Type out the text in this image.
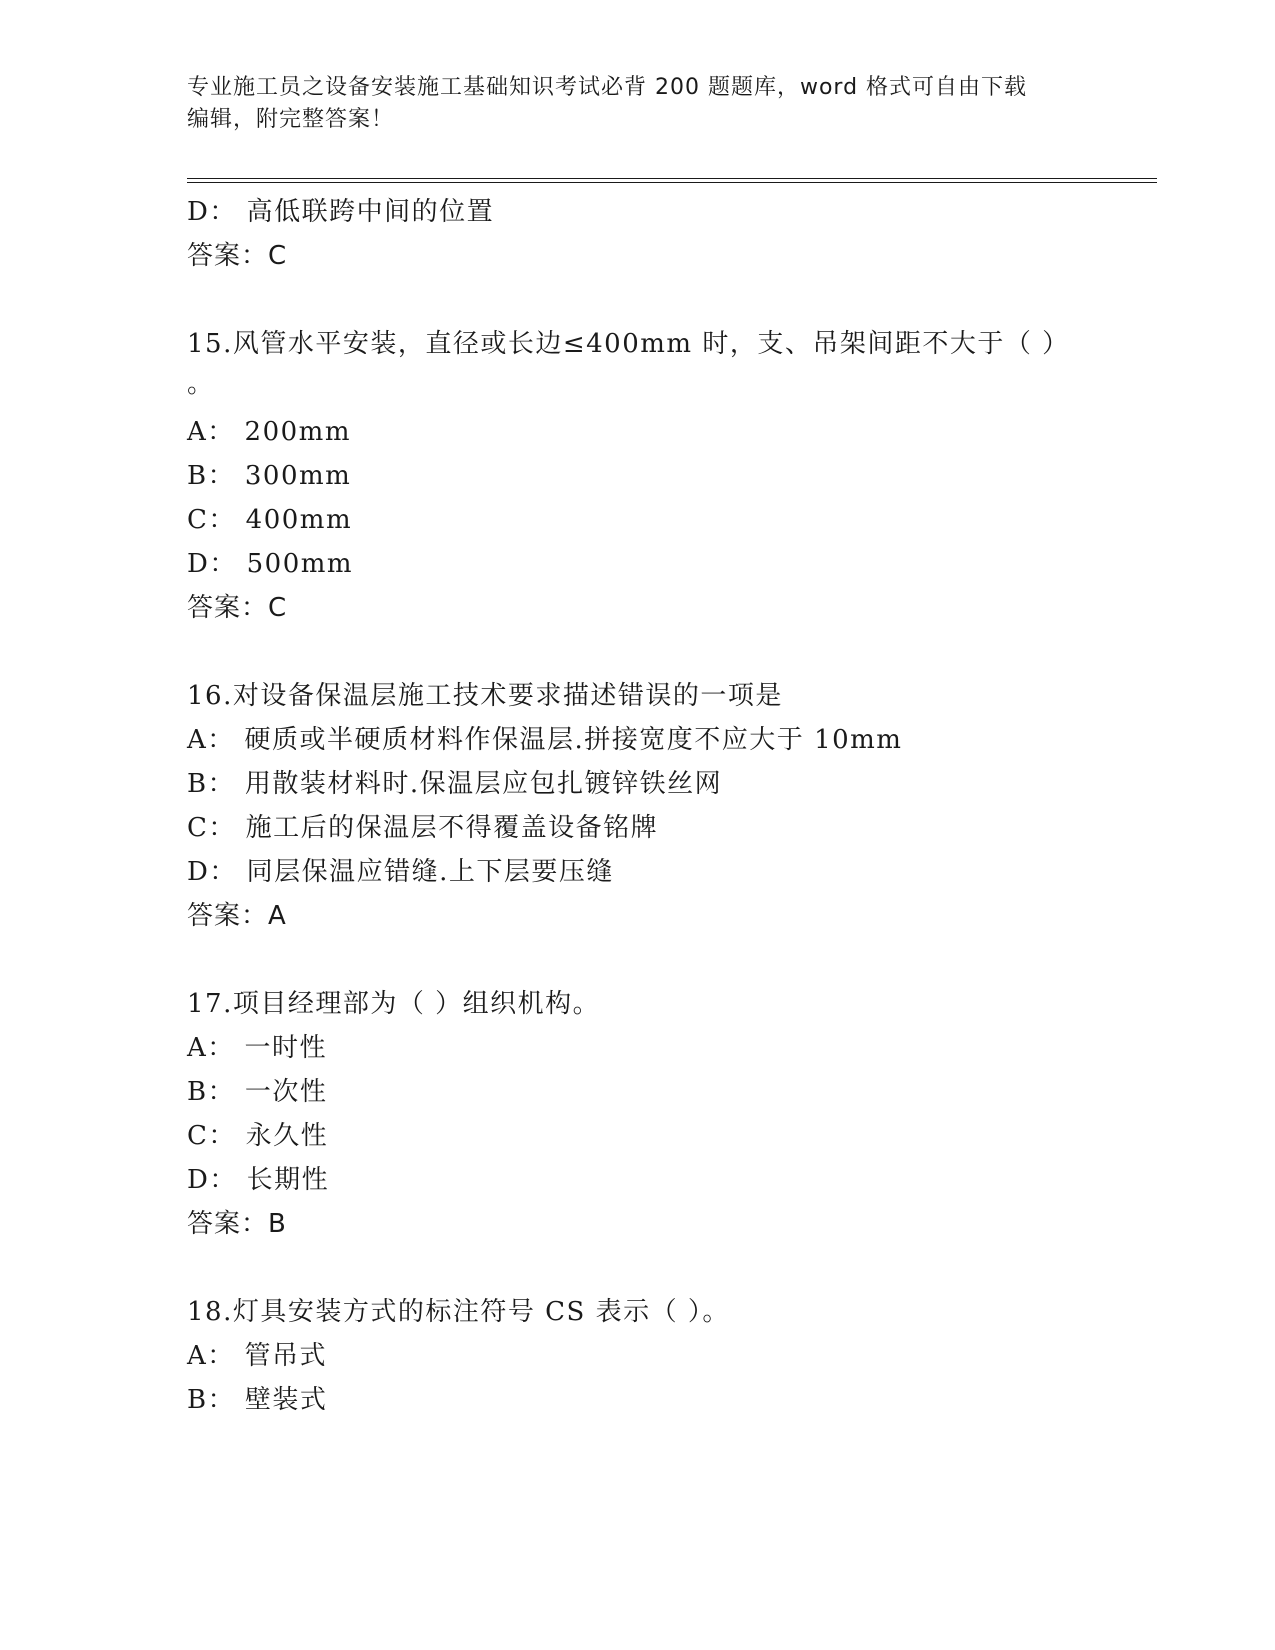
专业施工员之设备安装施工基础知识考试必背 200 题题库，word 格式可自由下载
编辑，附完整答案！
D： 高低联跨中间的位置
答案：C
15.风管水平安装，直径或长边≤400mm 时，支、吊架间距不大于（ ）
。
A： 200mm
B： 300mm
C： 400mm
D： 500mm
答案：C
16.对设备保温层施工技术要求描述错误的一项是
A： 硬质或半硬质材料作保温层.拼接宽度不应大于 10mm
B： 用散装材料时.保温层应包扎镀锌铁丝网
C： 施工后的保温层不得覆盖设备铭牌
D： 同层保温应错缝.上下层要压缝
答案：A
17.项目经理部为（ ）组织机构。
A： 一时性
B： 一次性
C： 永久性
D： 长期性
答案：B
18.灯具安装方式的标注符号 CS 表示（ ）。
A： 管吊式
B： 壁装式
